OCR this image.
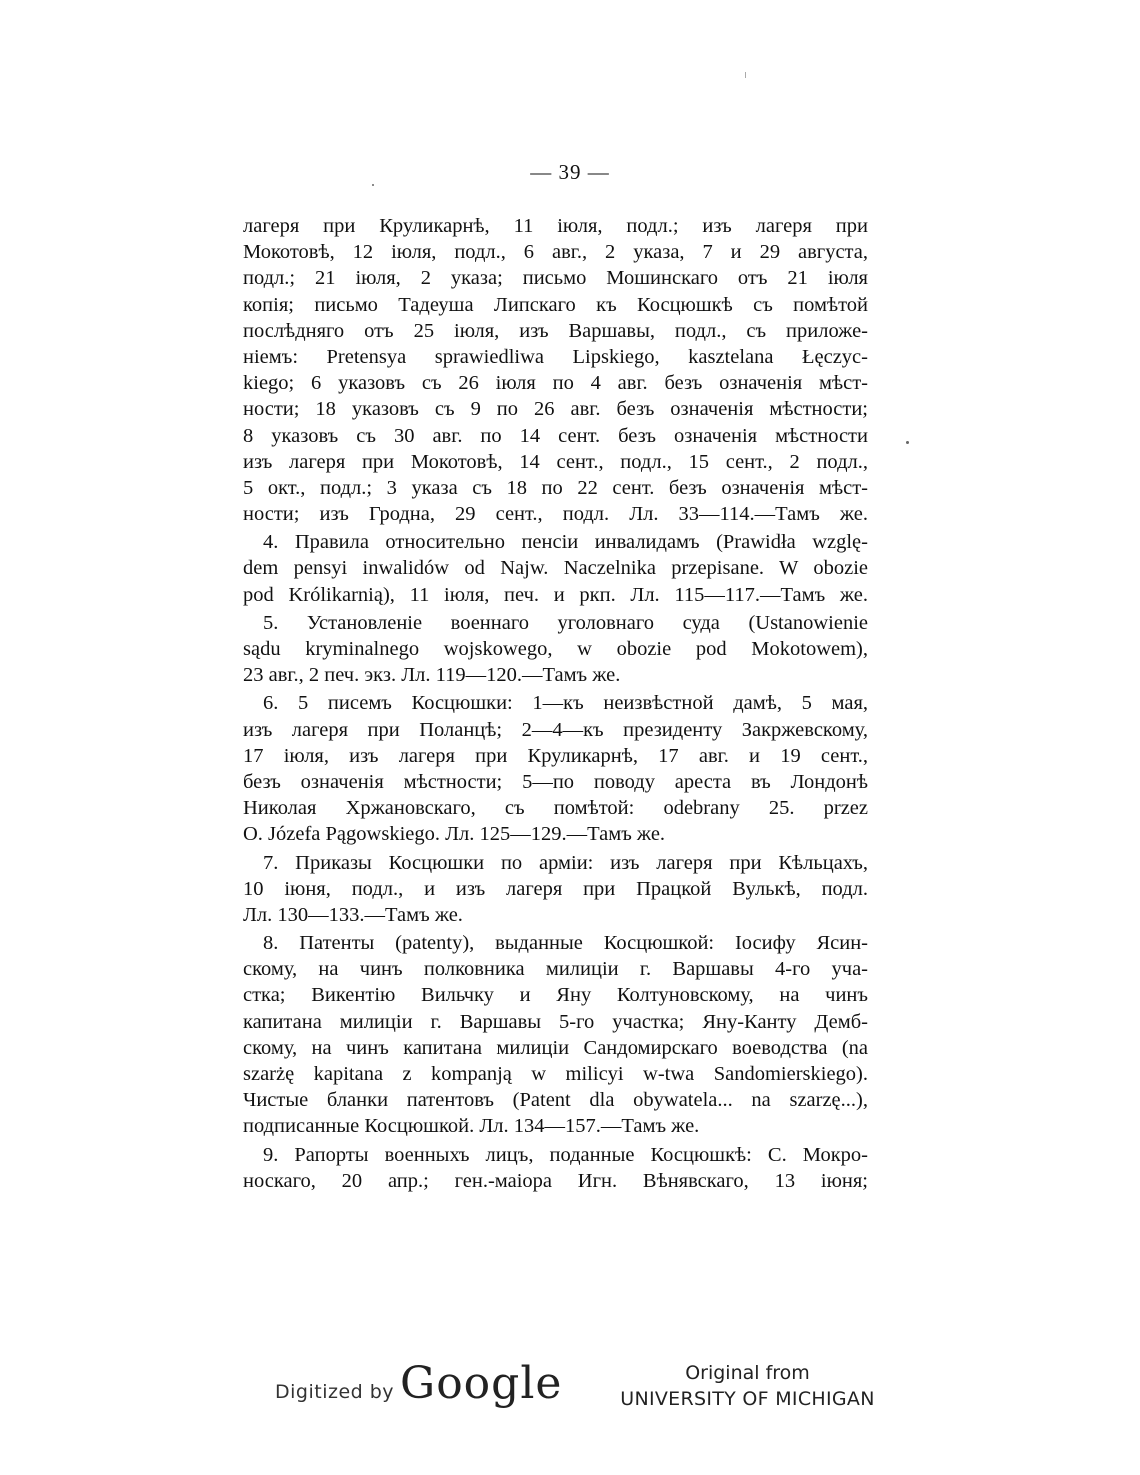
— 39 —
лагеря при Круликарнѣ, 11 іюля, подл.; изъ лагеря при
Мокотовѣ, 12 іюля, подл., 6 авг., 2 указа, 7 и 29 августа,
подл.; 21 іюля, 2 указа; письмо Мошинскаго отъ 21 іюля
копія; письмо Тадеуша Липскаго къ Косцюшкѣ съ помѣтой
послѣдняго отъ 25 іюля, изъ Варшавы, подл., съ приложе-
ніемъ: Pretensya sprawiedliwa Lipskiego, kasztelana Łęczyc-
kiego; 6 указовъ съ 26 іюля по 4 авг. безъ означенія мѣст-
ности; 18 указовъ съ 9 по 26 авг. безъ означенія мѣстности;
8 указовъ съ 30 авг. по 14 сент. безъ означенія мѣстности
изъ лагеря при Мокотовѣ, 14 сент., подл., 15 сент., 2 подл.,
5 окт., подл.; 3 указа съ 18 по 22 сент. безъ означенія мѣст-
ности; изъ Гродна, 29 сент., подл. Лл. 33—114.—Тамъ же.
4. Правила относительно пенсіи инвалидамъ (Prawidła wzglę-
dem pensyi inwalidów od Najw. Naczelnika przepisane. W obozie
pod Królikarnią), 11 іюля, печ. и ркп. Лл. 115—117.—Тамъ же.
5. Установленіе военнаго уголовнаго суда (Ustanowienie
sądu kryminalnego wojskowego, w obozie pod Mokotowem),
23 авг., 2 печ. экз. Лл. 119—120.—Тамъ же.
6. 5 писемъ Косцюшки: 1—къ неизвѣстной дамѣ, 5 мая,
изъ лагеря при Поланцѣ; 2—4—къ президенту Закржевскому,
17 іюля, изъ лагеря при Круликарнѣ, 17 авг. и 19 сент.,
безъ означенія мѣстности; 5—по поводу ареста въ Лондонѣ
Николая Хржановскаго, съ помѣтой: odebrany 25. przez
O. Józefa Pągowskiego. Лл. 125—129.—Тамъ же.
7. Приказы Косцюшки по арміи: изъ лагеря при Кѣльцахъ,
10 іюня, подл., и изъ лагеря при Працкой Вулькѣ, подл.
Лл. 130—133.—Тамъ же.
8. Патенты (patenty), выданные Косцюшкой: Іосифу Ясин-
скому, на чинъ полковника милиціи г. Варшавы 4-го уча-
стка; Викентію Вильчку и Яну Колтуновскому, на чинъ
капитана милиціи г. Варшавы 5-го участка; Яну-Канту Демб-
скому, на чинъ капитана милиціи Сандомирскаго воеводства (na
szarżę kapitana z kompanją w milicyi w-twa Sandomierskiego).
Чистые бланки патентовъ (Patent dla obywatela... na szarzę...),
подписанные Косцюшкой. Лл. 134—157.—Тамъ же.
9. Рапорты военныхъ лицъ, поданные Косцюшкѣ: С. Мокро-
носкаго, 20 апр.; ген.-маіора Игн. Вѣнявскаго, 13 іюня;
Digitized by Google	Original from
UNIVERSITY OF MICHIGAN
